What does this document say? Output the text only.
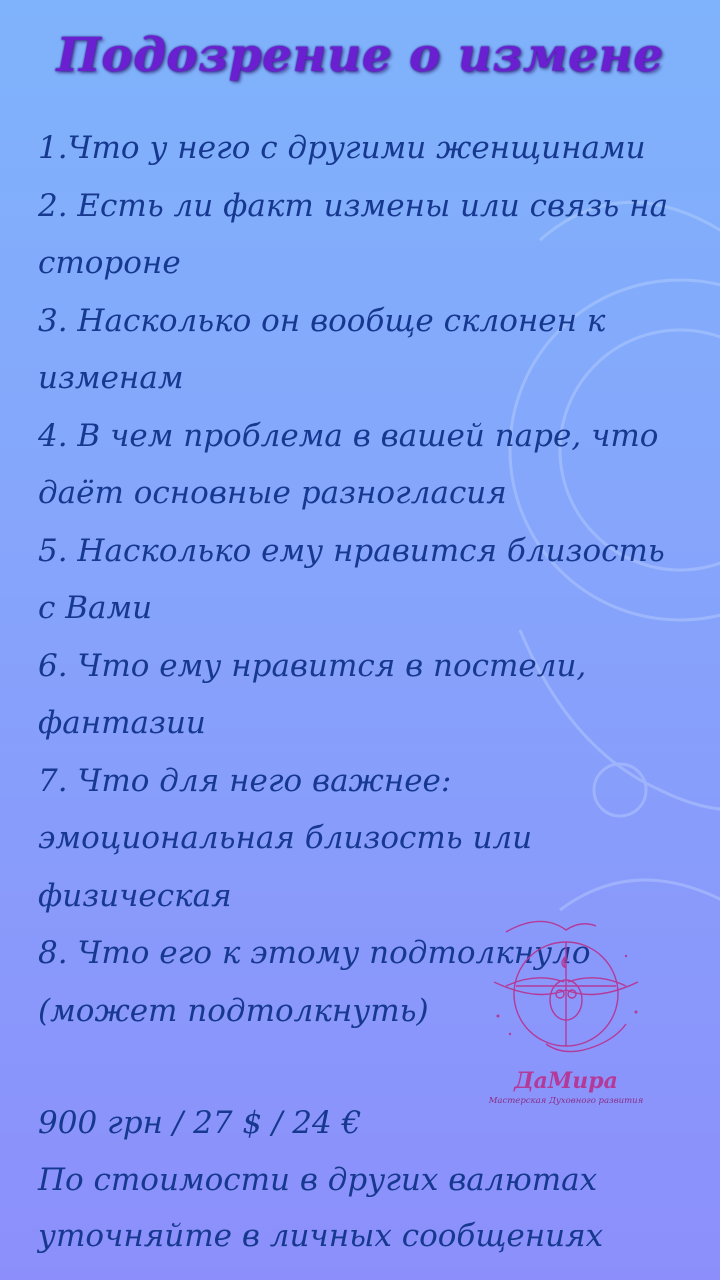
Подозрение о измене
1.Что у него с другими женщинами
2. Есть ли факт измены или связь на стороне
3. Насколько он вообще склонен к изменам
4. В чем проблема в вашей паре, что даёт основные разногласия
5. Насколько ему нравится близость с Вами
6. Что ему нравится в постели, фантазии
7. Что для него важнее: эмоциональная близость или физическая
8. Что его к этому подтолкнуло (может подтолкнуть)
ДаМира
Мастерская Духовного развития
900 грн / 27 $ / 24 €
По стоимости в других валютах уточняйте в личных сообщениях
